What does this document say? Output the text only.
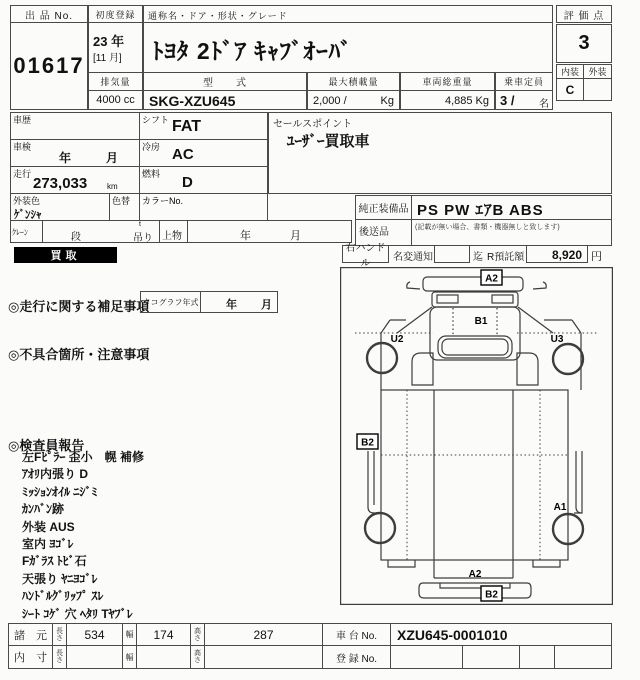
出 品 No.
01617
初度登録
23 年
[11 月]
通称名・ドア・形状・グレード
ﾄﾖﾀ 2ﾄﾞｱ ｷｬﾌﾞｵｰﾊﾞ
排気量
4000 cc
型　　式
SKG-XZU645
最大積載量
2,000 /	Kg
車両総重量
4,885 Kg
乗車定員
3 / 名
評 価 点
3
内装	外装
C
車歴	シフト FAT
車検
年	月
冷房 AC
走行
273,033 km
燃料 D
外装色
ｹﾞﾝｼｬ
色替 カラーNo.
ｸﾚｰﾝ	段
t
吊り 上物	年	月
セールスポイント
ﾕｰｻﾞｰ買取車
純正装備品 PS PW ｴｱB ABS
後送品	(記載が無い場合、書類・機器無しと致します)
買取
右ハンドル
名変通知	迄 R預託額 8,920 円
◎走行に関する補足事項
タコグラフ年式	年 月
◎不具合箇所・注意事項
◎検査員報告
左Fﾋﾟﾗｰ 歪小　幌 補修
ｱｵﾘ内張り D
ﾐｯｼｮﾝｵｲﾙ ﾆｼﾞﾐ
ｶﾝﾊﾞﾝ跡
外装 AUS
室内 ﾖｺﾞﾚ
Fｶﾞﾗｽ ﾄﾋﾞ石
天張り ﾔﾆﾖｺﾞﾚ
ﾊﾝﾄﾞﾙｸﾞﾘｯﾌﾟ ｽﾚ
ｼｰﾄ ｺｹﾞ 穴 ﾍﾀﾘ Tﾔﾌﾞﾚ
A2
B1
U2	U3
B2
A1
A2
B2
諸　元	長さ	534	幅	174	高さ	287	車 台 No.	XZU645-0001010
内　寸	長さ	幅	高さ	登 録 No.
